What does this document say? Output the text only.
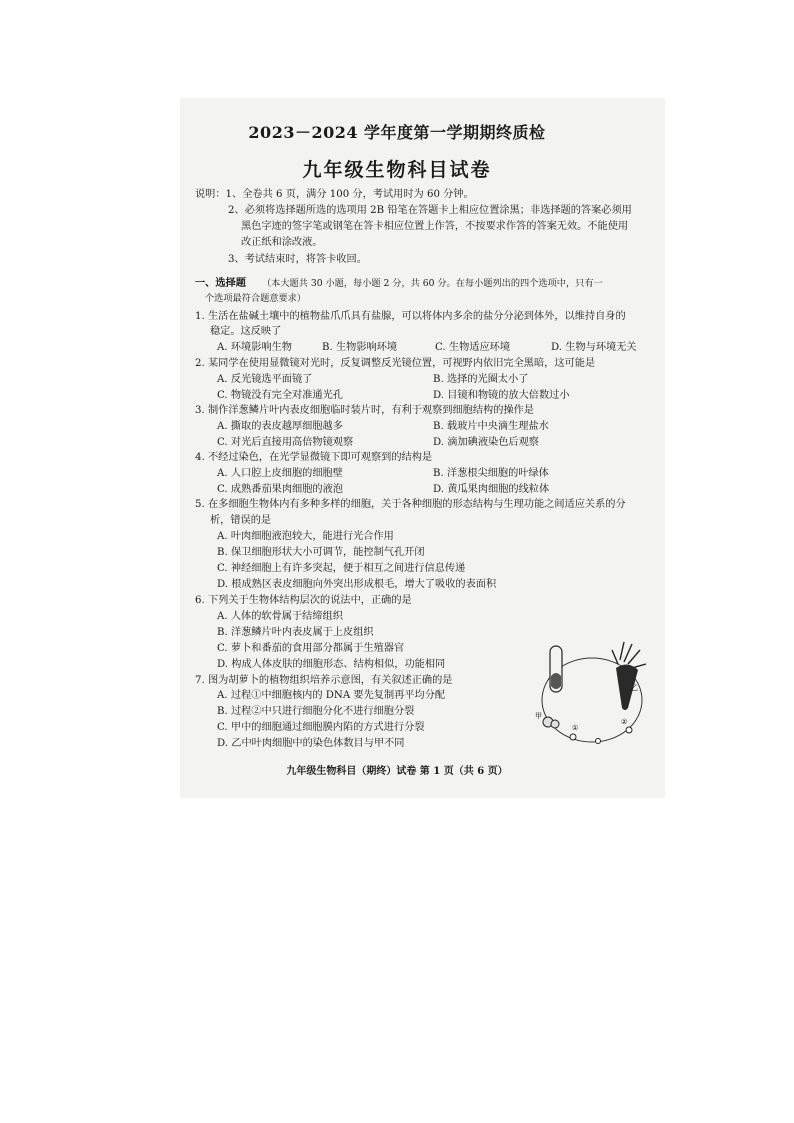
2023－2024 学年度第一学期期终质检
九年级生物科目试卷
说明：1、全卷共 6 页，满分 100 分，考试用时为 60 分钟。
2、必须将选择题所选的选项用 2B 铅笔在答题卡上相应位置涂黑；非选择题的答案必须用
黑色字迹的签字笔或钢笔在答卡相应位置上作答，不按要求作答的答案无效。不能使用
改正纸和涂改液。
3、考试结束时，将答卡收回。
一、选择题 （本大题共 30 小题，每小题 2 分，共 60 分。在每小题列出的四个选项中，只有一
个选项最符合题意要求）
1. 生活在盐碱土壤中的植物盐爪爪具有盐腺，可以将体内多余的盐分分泌到体外，以维持自身的
稳定。这反映了
A. 环境影响生物	B. 生物影响环境	C. 生物适应环境	D. 生物与环境无关
2. 某同学在使用显微镜对光时，反复调整反光镜位置，可视野内依旧完全黑暗，这可能是
A. 反光镜选平面镜了	B. 选择的光圈太小了
C. 物镜没有完全对准通光孔	D. 目镜和物镜的放大倍数过小
3. 制作洋葱鳞片叶内表皮细胞临时装片时，有利于观察到细胞结构的操作是
A. 撕取的表皮越厚细胞越多	B. 载玻片中央滴生理盐水
C. 对光后直接用高倍物镜观察	D. 滴加碘液染色后观察
4. 不经过染色，在光学显微镜下即可观察到的结构是
A. 人口腔上皮细胞的细胞壁	B. 洋葱根尖细胞的叶绿体
C. 成熟番茄果肉细胞的液泡	D. 黄瓜果肉细胞的线粒体
5. 在多细胞生物体内有多种多样的细胞，关于各种细胞的形态结构与生理功能之间适应关系的分
析，错误的是
A. 叶肉细胞液泡较大，能进行光合作用
B. 保卫细胞形状大小可调节，能控制气孔开闭
C. 神经细胞上有许多突起，便于相互之间进行信息传递
D. 根成熟区表皮细胞向外突出形成根毛，增大了吸收的表面积
6. 下列关于生物体结构层次的说法中，正确的是
A. 人体的软骨属于结缔组织
B. 洋葱鳞片叶内表皮属于上皮组织
C. 萝卜和番茄的食用部分都属于生殖器官
D. 构成人体皮肤的细胞形态、结构相似，功能相同
7. 图为胡萝卜的植物组织培养示意图，有关叙述正确的是
A. 过程①中细胞核内的 DNA 要先复制再平均分配
B. 过程②中只进行细胞分化不进行细胞分裂
C. 甲中的细胞通过细胞膜内陷的方式进行分裂
D. 乙中叶肉细胞中的染色体数目与甲不同
乙
甲
①
②
九年级生物科目（期终）试卷 第 1 页（共 6 页）
